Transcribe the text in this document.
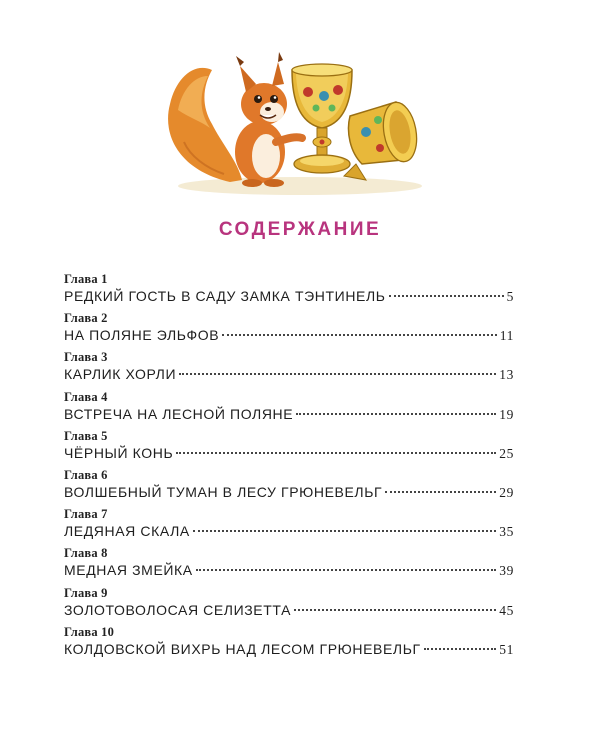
СОДЕРЖАНИЕ
Глава 1
РЕДКИЙ ГОСТЬ В САДУ ЗАМКА ТЭНТИНЕЛЬ	5
Глава 2
НА ПОЛЯНЕ ЭЛЬФОВ	11
Глава 3
КАРЛИК ХОРЛИ	13
Глава 4
ВСТРЕЧА НА ЛЕСНОЙ ПОЛЯНЕ	19
Глава 5
ЧЁРНЫЙ КОНЬ	25
Глава 6
ВОЛШЕБНЫЙ ТУМАН В ЛЕСУ ГРЮНЕВЕЛЬГ	29
Глава 7
ЛЕДЯНАЯ СКАЛА	35
Глава 8
МЕДНАЯ ЗМЕЙКА	39
Глава 9
ЗОЛОТОВОЛОСАЯ СЕЛИЗЕТТА	45
Глава 10
КОЛДОВСКОЙ ВИХРЬ НАД ЛЕСОМ ГРЮНЕВЕЛЬГ	51
